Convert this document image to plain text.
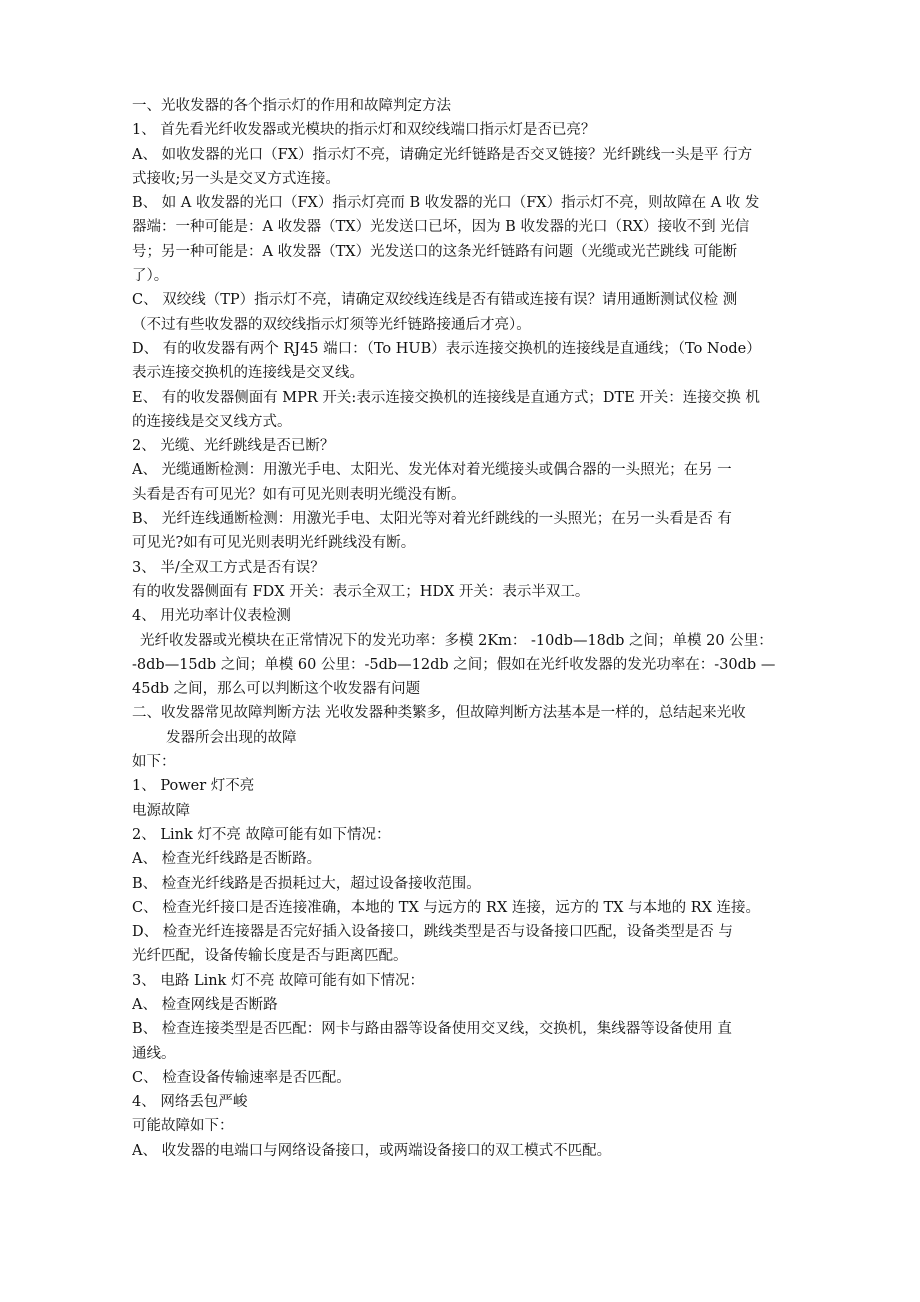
一、光收发器的各个指示灯的作用和故障判定方法
1、 首先看光纤收发器或光模块的指示灯和双绞线端口指示灯是否已亮？
A、 如收发器的光口（FX）指示灯不亮，请确定光纤链路是否交叉链接？光纤跳线一头是平 行方
式接收;另一头是交叉方式连接。
B、 如 A 收发器的光口（FX）指示灯亮而 B 收发器的光口（FX）指示灯不亮，则故障在 A 收 发
器端：一种可能是：A 收发器（TX）光发送口已坏，因为 B 收发器的光口（RX）接收不到 光信
号；另一种可能是：A 收发器（TX）光发送口的这条光纤链路有问题（光缆或光芒跳线 可能断
了）。
C、 双绞线（TP）指示灯不亮，请确定双绞线连线是否有错或连接有误？请用通断测试仪检 测
（不过有些收发器的双绞线指示灯须等光纤链路接通后才亮）。
D、 有的收发器有两个 RJ45 端口：（To HUB）表示连接交换机的连接线是直通线；（To Node）
表示连接交换机的连接线是交叉线。
E、 有的收发器侧面有 MPR 开关:表示连接交换机的连接线是直通方式；DTE 开关：连接交换 机
的连接线是交叉线方式。
2、 光缆、光纤跳线是否已断？
A、 光缆通断检测：用激光手电、太阳光、发光体对着光缆接头或偶合器的一头照光；在另 一
头看是否有可见光？如有可见光则表明光缆没有断。
B、 光纤连线通断检测：用激光手电、太阳光等对着光纤跳线的一头照光；在另一头看是否 有
可见光?如有可见光则表明光纤跳线没有断。
3、 半/全双工方式是否有误？
有的收发器侧面有 FDX 开关：表示全双工；HDX 开关：表示半双工。
4、 用光功率计仪表检测
光纤收发器或光模块在正常情况下的发光功率：多模 2Km： -10db—18db 之间；单模 20 公里：
-8db—15db 之间；单模 60 公里：-5db—12db 之间；假如在光纤收发器的发光功率在：-30db —
45db 之间，那么可以判断这个收发器有问题
二、收发器常见故障判断方法 光收发器种类繁多，但故障判断方法基本是一样的，总结起来光收
发器所会出现的故障
如下：
1、 Power 灯不亮
电源故障
2、 Link 灯不亮 故障可能有如下情况：
A、 检查光纤线路是否断路。
B、 检查光纤线路是否损耗过大，超过设备接收范围。
C、 检查光纤接口是否连接准确，本地的 TX 与远方的 RX 连接，远方的 TX 与本地的 RX 连接。
D、 检查光纤连接器是否完好插入设备接口，跳线类型是否与设备接口匹配，设备类型是否 与
光纤匹配，设备传输长度是否与距离匹配。
3、 电路 Link 灯不亮 故障可能有如下情况：
A、 检查网线是否断路
B、 检查连接类型是否匹配：网卡与路由器等设备使用交叉线，交换机，集线器等设备使用 直
通线。
C、 检查设备传输速率是否匹配。
4、 网络丢包严峻
可能故障如下：
A、 收发器的电端口与网络设备接口，或两端设备接口的双工模式不匹配。
